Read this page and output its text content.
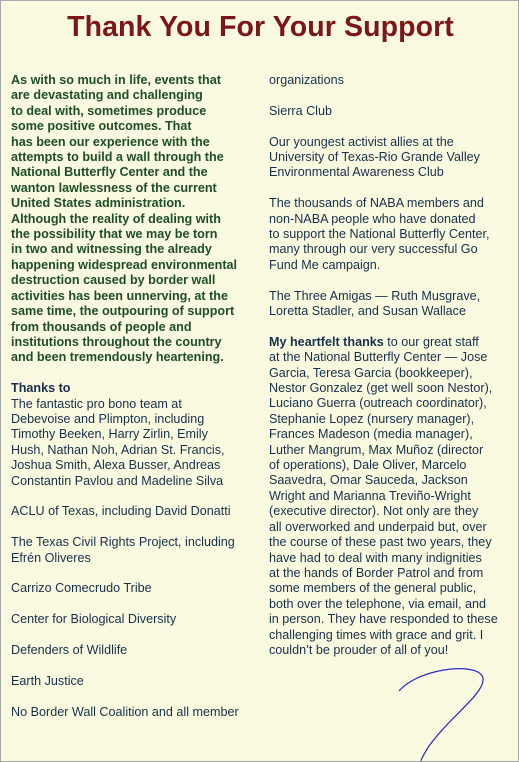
Thank You For Your Support

As with so much in life, events that
are devastating and challenging
to deal with, sometimes produce
some positive outcomes. That
has been our experience with the
attempts to build a wall through the
National Butterfly Center and the
wanton lawlessness of the current
United States administration.
Although the reality of dealing with
the possibility that we may be torn
in two and witnessing the already
happening widespread environmental
destruction caused by border wall
activities has been unnerving, at the
same time, the outpouring of support
from thousands of people and
institutions throughout the country
and been tremendously heartening.

Thanks to

The fantastic pro bono team at
Debevoise and Plimpton, including
Timothy Beeken, Harry Zirlin, Emily
Hush, Nathan Noh, Adrian St. Francis,
Joshua Smith, Alexa Busser, Andreas
Constantin Pavlou and Madeline Silva

ACLU of Texas, including David Donatti

The Texas Civil Rights Project, including
Efrén Oliveres

Carrizo Comecrudo Tribe

Center for Biological Diversity

Defenders of Wildlife

Earth Justice

No Border Wall Coalition and all member

organizations

Sierra Club

Our youngest activist allies at the
University of Texas-Rio Grande Valley
Environmental Awareness Club

The thousands of NABA members and
non-NABA people who have donated
to support the National Butterfly Center,
many through our very successful Go
Fund Me campaign.

The Three Amigas — Ruth Musgrave,
Loretta Stadler, and Susan Wallace

My heartfelt thanks to our great staff
at the National Butterfly Center — Jose
Garcia, Teresa Garcia (bookkeeper),
Nestor Gonzalez (get well soon Nestor),
Luciano Guerra (outreach coordinator),
Stephanie Lopez (nursery manager),
Frances Madeson (media manager),
Luther Mangrum, Max Muñoz (director
of operations), Dale Oliver, Marcelo
Saavedra, Omar Sauceda, Jackson
Wright and Marianna Treviño-Wright
(executive director). Not only are they
all overworked and underpaid but, over
the course of these past two years, they
have had to deal with many indignities
at the hands of Border Patrol and from
some members of the general public,
both over the telephone, via email, and
in person. They have responded to these
challenging times with grace and grit. I
couldn’t be prouder of all of you!
